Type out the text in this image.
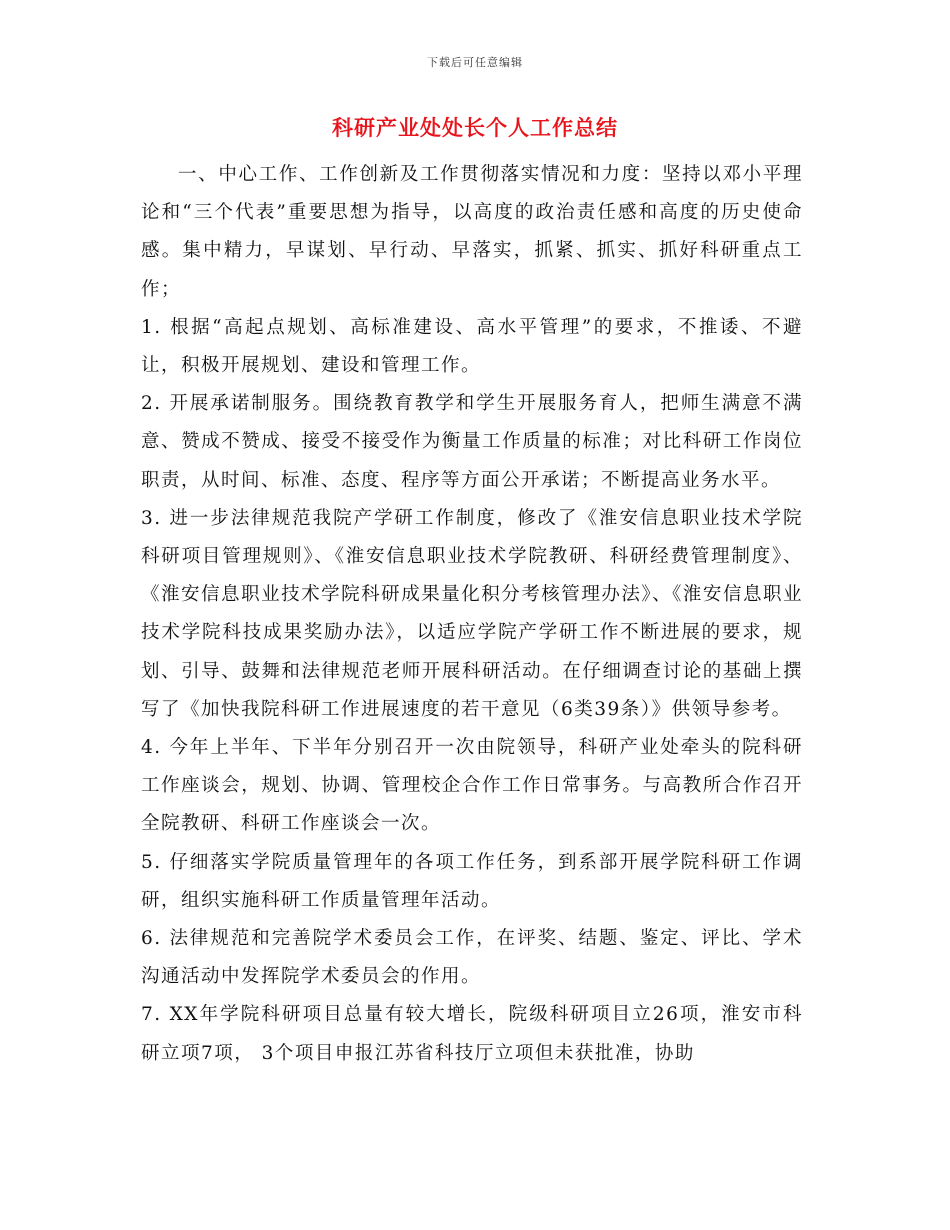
下载后可任意编辑
科研产业处处长个人工作总结

一、中心工作、工作创新及工作贯彻落实情况和力度：坚持以邓小平理论和“三个代表”重要思想为指导，以高度的政治责任感和高度的历史使命感。集中精力，早谋划、早行动、早落实，抓紧、抓实、抓好科研重点工作；

1. 根据“高起点规划、高标准建设、高水平管理”的要求，不推诿、不避让，积极开展规划、建设和管理工作。

2. 开展承诺制服务。围绕教育教学和学生开展服务育人，把师生满意不满意、赞成不赞成、接受不接受作为衡量工作质量的标准；对比科研工作岗位职责，从时间、标准、态度、程序等方面公开承诺；不断提高业务水平。

3. 进一步法律规范我院产学研工作制度，修改了《淮安信息职业技术学院科研项目管理规则》、《淮安信息职业技术学院教研、科研经费管理制度》、《淮安信息职业技术学院科研成果量化积分考核管理办法》、《淮安信息职业技术学院科技成果奖励办法》，以适应学院产学研工作不断进展的要求，规划、引导、鼓舞和法律规范老师开展科研活动。在仔细调查讨论的基础上撰写了《加快我院科研工作进展速度的若干意见（6类39条）》供领导参考。

4. 今年上半年、下半年分别召开一次由院领导，科研产业处牵头的院科研工作座谈会，规划、协调、管理校企合作工作日常事务。与高教所合作召开全院教研、科研工作座谈会一次。

5. 仔细落实学院质量管理年的各项工作任务，到系部开展学院科研工作调研，组织实施科研工作质量管理年活动。

6. 法律规范和完善院学术委员会工作，在评奖、结题、鉴定、评比、学术沟通活动中发挥院学术委员会的作用。

7. XX年学院科研项目总量有较大增长，院级科研项目立26项，淮安市科研立项7项， 3个项目申报江苏省科技厅立项但未获批准，协助
